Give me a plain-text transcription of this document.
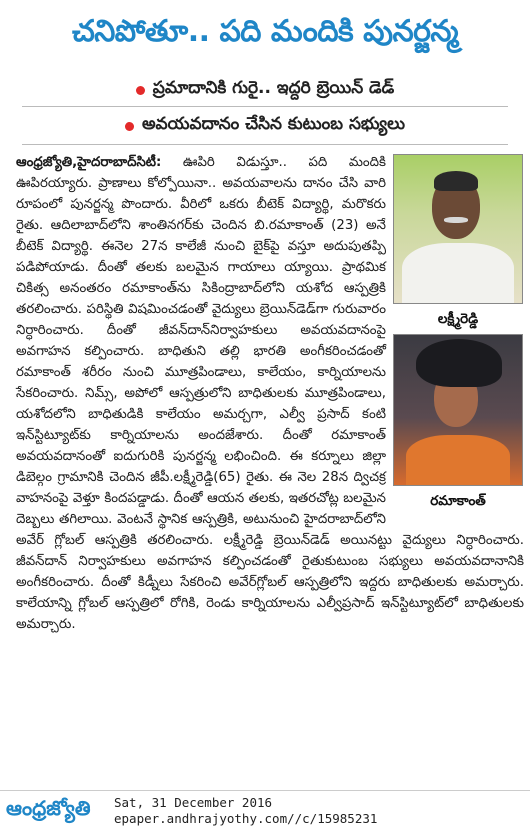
చనిపోతూ.. పది మందికి పునర్జన్మ
ప్రమాదానికి గురై.. ఇద్దరి బ్రెయిన్‌ డెడ్‌
అవయవదానం చేసిన కుటుంబ సభ్యులు
లక్ష్మీరెడ్డి
రమాకాంత్‌

ఆంధ్రజ్యోతి,హైదరాబాద్‌సిటీ: ఊపిరి విడుస్తూ.. పది మందికి ఊపిరయ్యారు. ప్రాణాలు కోల్పోయినా.. అవయవాలను దానం చేసి వారి రూపంలో పునర్జన్మ పొందారు. వీరిలో ఒకరు బీటెక్‌ విద్యార్థి, మరొకరు రైతు. ఆదిలాబాద్‌లోని శాంతినగర్‌కు చెందిన బి.రమాకాంత్‌ (23) అనే బీటెక్‌ విద్యార్థి. ఈనెల 27న కాలేజీ నుంచి బైక్‌పై వస్తూ అదుపుతప్పి పడిపోయాడు. దీంతో తలకు బలమైన గాయాలు య్యాయి. ప్రాథమిక చికిత్స అనంతరం రమాకాంత్‌ను సికింద్రాబాద్‌లోని యశోద ఆస్పత్రికి తరలించారు. పరిస్థితి విషమించడంతో వైద్యులు బ్రెయిన్‌డెడ్‌గా గురువారం నిర్ధారించారు. దీంతో జీవన్‌దాన్‌నిర్వాహకులు అవయవదానంపై అవగాహన కల్పించారు. బాధితుని తల్లి భారతి అంగీకరించడంతో రమాకాంత్‌ శరీరం నుంచి మూత్రపిండాలు, కాలేయం, కార్నియాలను సేకరించారు. నిమ్స్‌, అపోలో ఆస్పత్రులోని బాధితులకు మూత్రపిండాలు, యశోదలోని బాధితుడికి కాలేయం అమర్చగా, ఎల్వీ ప్రసాద్‌ కంటి ఇన్‌స్టిట్యూట్‌కు కార్నియాలను అందజేశారు. దీంతో రమాకాంత్‌ అవయవదానంతో ఐదుగురికి పునర్జన్మ లభించింది. ఈ కర్నూలు జిల్లా డిబెల్గం గ్రామానికి చెందిన జీపీ.లక్ష్మీరెడ్డి(65) రైతు. ఈ నెల 28న ద్విచక్ర వాహనంపై వెళ్తూ కిందపడ్డాడు. దీంతో ఆయన తలకు, ఇతరచోట్ల బలమైన దెబ్బలు తగిలాయి. వెంటనే స్థానిక ఆస్పత్రికి, అటునుంచి హైదరాబాద్‌లోని అవేర్‌ గ్లోబల్‌ ఆస్పత్రికి తరలించారు. లక్ష్మీరెడ్డి బ్రెయిన్‌డెడ్‌ అయినట్టు వైద్యులు నిర్ధారించారు. జీవన్‌దాన్‌ నిర్వాహకులు అవగాహన కల్పించడంతో రైతుకుటుంబ సభ్యులు అవయవదానానికి అంగీకరించారు. దీంతో కిడ్నీలు సేకరించి అవేర్‌గ్లోబల్‌ ఆస్పత్రిలోని ఇద్దరు బాధితులకు అమర్చారు. కాలేయాన్ని గ్లోబల్‌ ఆస్పత్రిలో రోగికి, రెండు కార్నియాలను ఎల్వీప్రసాద్‌ ఇన్‌స్టిట్యూట్‌లో బాధితులకు అమర్చారు.

ఆంధ్రజ్యోతి	Sat, 31 December 2016
epaper.andhrajyothy.com//c/15985231
